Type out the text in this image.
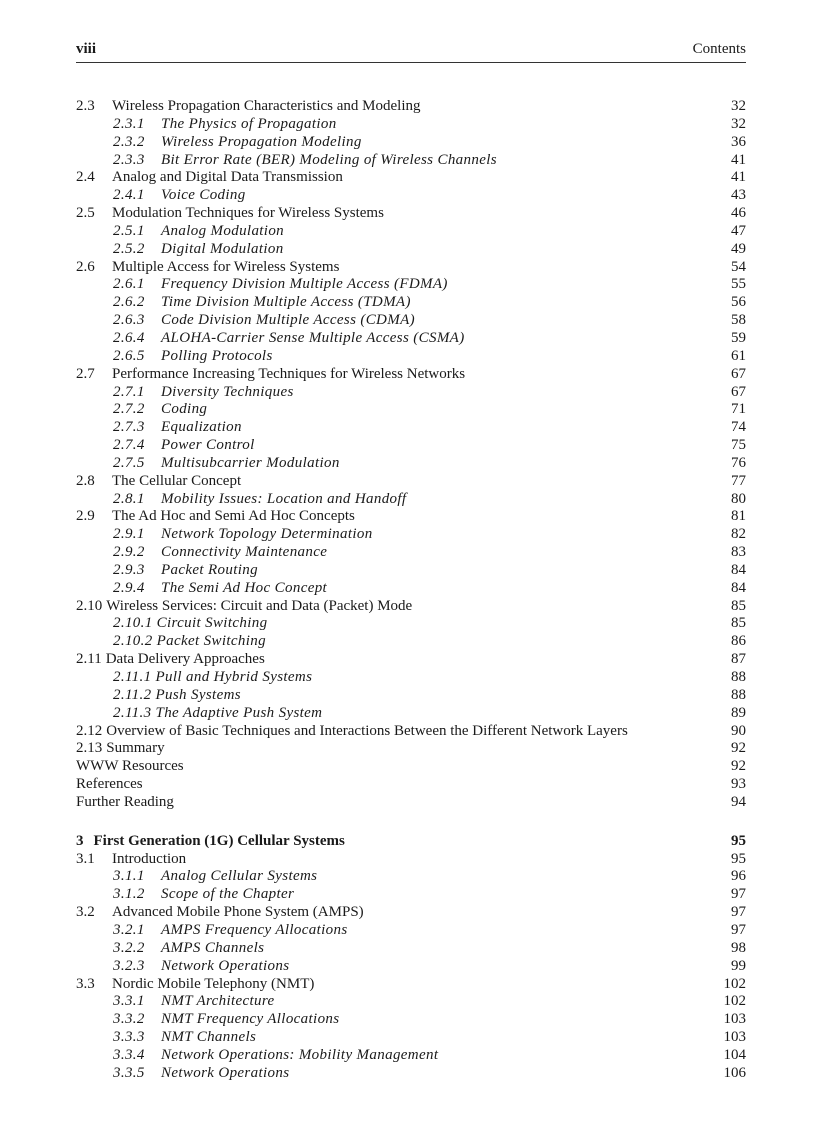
viii	Contents
2.3 Wireless Propagation Characteristics and Modeling	32
2.3.1 The Physics of Propagation	32
2.3.2 Wireless Propagation Modeling	36
2.3.3 Bit Error Rate (BER) Modeling of Wireless Channels	41
2.4 Analog and Digital Data Transmission	41
2.4.1 Voice Coding	43
2.5 Modulation Techniques for Wireless Systems	46
2.5.1 Analog Modulation	47
2.5.2 Digital Modulation	49
2.6 Multiple Access for Wireless Systems	54
2.6.1 Frequency Division Multiple Access (FDMA)	55
2.6.2 Time Division Multiple Access (TDMA)	56
2.6.3 Code Division Multiple Access (CDMA)	58
2.6.4 ALOHA-Carrier Sense Multiple Access (CSMA)	59
2.6.5 Polling Protocols	61
2.7 Performance Increasing Techniques for Wireless Networks	67
2.7.1 Diversity Techniques	67
2.7.2 Coding	71
2.7.3 Equalization	74
2.7.4 Power Control	75
2.7.5 Multisubcarrier Modulation	76
2.8 The Cellular Concept	77
2.8.1 Mobility Issues: Location and Handoff	80
2.9 The Ad Hoc and Semi Ad Hoc Concepts	81
2.9.1 Network Topology Determination	82
2.9.2 Connectivity Maintenance	83
2.9.3 Packet Routing	84
2.9.4 The Semi Ad Hoc Concept	84
2.10 Wireless Services: Circuit and Data (Packet) Mode	85
2.10.1 Circuit Switching	85
2.10.2 Packet Switching	86
2.11 Data Delivery Approaches	87
2.11.1 Pull and Hybrid Systems	88
2.11.2 Push Systems	88
2.11.3 The Adaptive Push System	89
2.12 Overview of Basic Techniques and Interactions Between the Different Network Layers	90
2.13 Summary	92
WWW Resources	92
References	93
Further Reading	94
3 First Generation (1G) Cellular Systems	95
3.1 Introduction	95
3.1.1 Analog Cellular Systems	96
3.1.2 Scope of the Chapter	97
3.2 Advanced Mobile Phone System (AMPS)	97
3.2.1 AMPS Frequency Allocations	97
3.2.2 AMPS Channels	98
3.2.3 Network Operations	99
3.3 Nordic Mobile Telephony (NMT)	102
3.3.1 NMT Architecture	102
3.3.2 NMT Frequency Allocations	103
3.3.3 NMT Channels	103
3.3.4 Network Operations: Mobility Management	104
3.3.5 Network Operations	106
